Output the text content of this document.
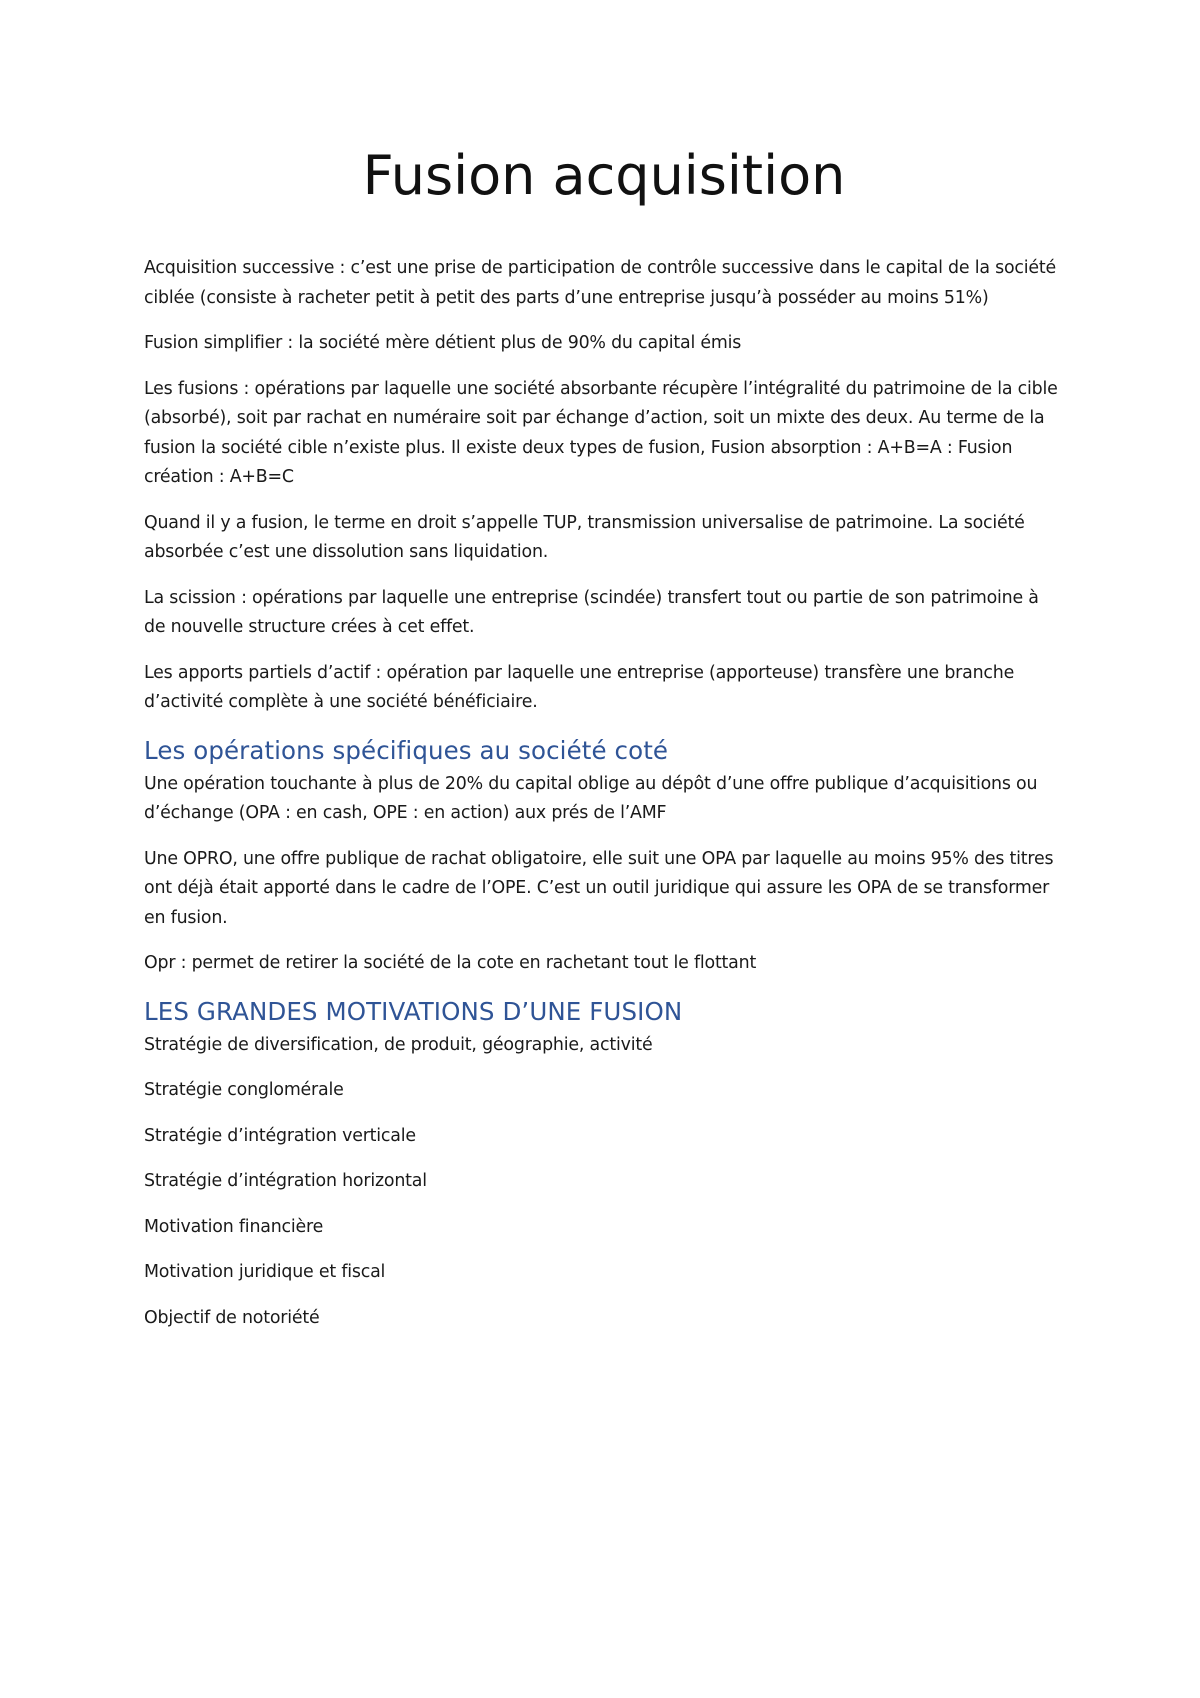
Fusion acquisition

Acquisition successive : c’est une prise de participation de contrôle successive dans le capital de la société ciblée (consiste à racheter petit à petit des parts d’une entreprise jusqu’à posséder au moins 51%)

Fusion simplifier : la société mère détient plus de 90% du capital émis

Les fusions : opérations par laquelle une société absorbante récupère l’intégralité du patrimoine de la cible (absorbé), soit par rachat en numéraire soit par échange d’action, soit un mixte des deux. Au terme de la fusion la société cible n’existe plus. Il existe deux types de fusion, Fusion absorption : A+B=A : Fusion création : A+B=C

Quand il y a fusion, le terme en droit s’appelle TUP, transmission universalise de patrimoine. La société absorbée c’est une dissolution sans liquidation.

La scission : opérations par laquelle une entreprise (scindée) transfert tout ou partie de son patrimoine à de nouvelle structure crées à cet effet.

Les apports partiels d’actif : opération par laquelle une entreprise (apporteuse) transfère une branche d’activité complète à une société bénéficiaire.

Les opérations spécifiques au société coté

Une opération touchante à plus de 20% du capital oblige au dépôt d’une offre publique d’acquisitions ou d’échange (OPA : en cash, OPE : en action) aux prés de l’AMF

Une OPRO, une offre publique de rachat obligatoire, elle suit une OPA par laquelle au moins 95% des titres ont déjà était apporté dans le cadre de l’OPE. C’est un outil juridique qui assure les OPA de se transformer en fusion.

Opr : permet de retirer la société de la cote en rachetant tout le flottant

LES GRANDES MOTIVATIONS D’UNE FUSION

Stratégie de diversification, de produit, géographie, activité

Stratégie conglomérale

Stratégie d’intégration verticale

Stratégie d’intégration horizontal

Motivation financière

Motivation juridique et fiscal

Objectif de notoriété
